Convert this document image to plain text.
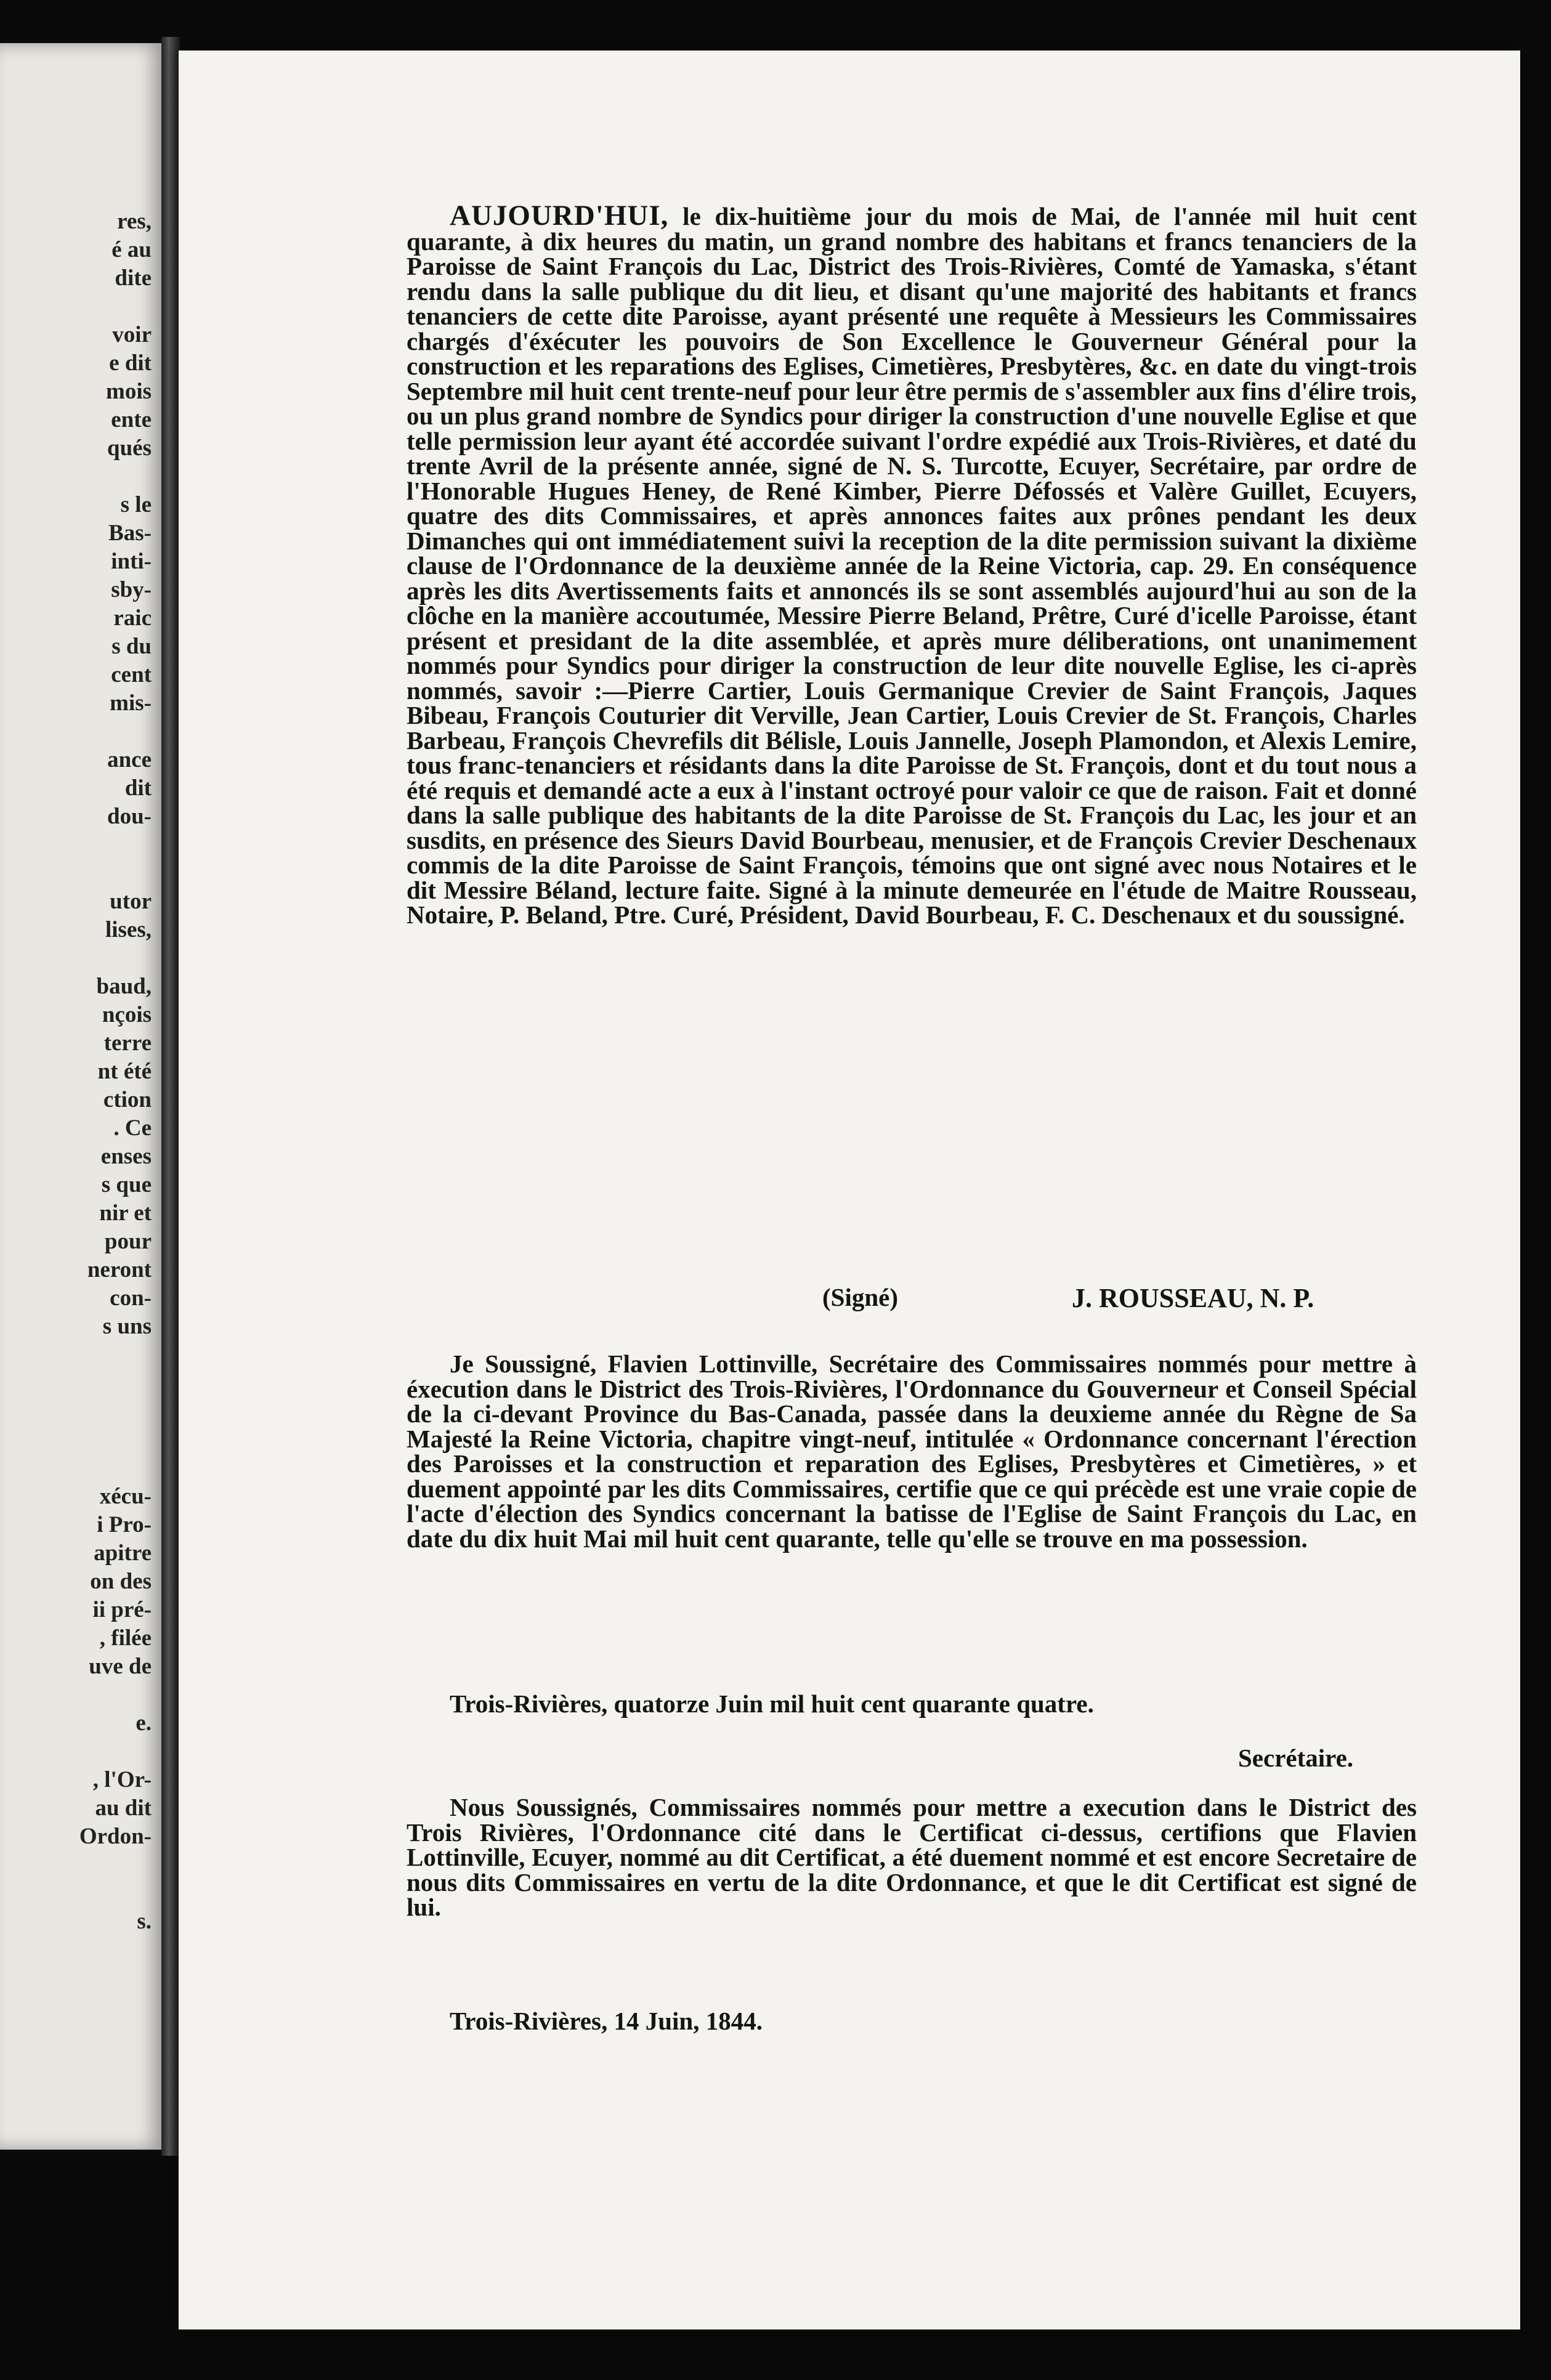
res,
é au
dite
voir
e dit
mois
ente
qués
s le
Bas-
inti-
sby-
raic
s du
cent
mis-
ance
dit
dou-
utor
lises,
baud,
nçois
terre
nt été
ction
. Ce
enses
s que
nir et
pour
neront
con-
s uns
xécu-
i Pro-
apitre
on des
ii pré-
, filée
uve de
e.
, l'Or-
au dit
Ordon-
s.

AUJOURD'HUI, le dix-huitième jour du mois de Mai, de l'année mil huit cent quarante, à dix heures du matin, un grand nombre des habitans et francs tenanciers de la Paroisse de Saint François du Lac, District des Trois-Rivières, Comté de Yamaska, s'étant rendu dans la salle publique du dit lieu, et disant qu'une majorité des habitants et francs tenanciers de cette dite Paroisse, ayant présenté une requête à Messieurs les Commissaires chargés d'éxécuter les pouvoirs de Son Excellence le Gouverneur Général pour la construction et les reparations des Eglises, Cimetières, Presbytères, &c. en date du vingt-trois Septembre mil huit cent trente-neuf pour leur être permis de s'assembler aux fins d'élire trois, ou un plus grand nombre de Syndics pour diriger la construction d'une nouvelle Eglise et que telle permission leur ayant été accordée suivant l'ordre expédié aux Trois-Rivières, et daté du trente Avril de la présente année, signé de N. S. Turcotte, Ecuyer, Secrétaire, par ordre de l'Honorable Hugues Heney, de René Kimber, Pierre Défossés et Valère Guillet, Ecuyers, quatre des dits Commissaires, et après annonces faites aux prônes pendant les deux Dimanches qui ont immédiatement suivi la reception de la dite permission suivant la dixième clause de l'Ordonnance de la deuxième année de la Reine Victoria, cap. 29. En conséquence après les dits Avertissements faits et annoncés ils se sont assemblés aujourd'hui au son de la clôche en la manière accoutumée, Messire Pierre Beland, Prêtre, Curé d'icelle Paroisse, étant présent et presidant de la dite assemblée, et après mure déliberations, ont unanimement nommés pour Syndics pour diriger la construction de leur dite nouvelle Eglise, les ci-après nommés, savoir :—Pierre Cartier, Louis Germanique Crevier de Saint François, Jaques Bibeau, François Couturier dit Verville, Jean Cartier, Louis Crevier de St. François, Charles Barbeau, François Chevrefils dit Bélisle, Louis Jannelle, Joseph Plamondon, et Alexis Lemire, tous franc-tenanciers et résidants dans la dite Paroisse de St. François, dont et du tout nous a été requis et demandé acte a eux à l'instant octroyé pour valoir ce que de raison. Fait et donné dans la salle publique des habitants de la dite Paroisse de St. François du Lac, les jour et an susdits, en présence des Sieurs David Bourbeau, menusier, et de François Crevier Deschenaux commis de la dite Paroisse de Saint François, témoins que ont signé avec nous Notaires et le dit Messire Béland, lecture faite. Signé à la minute demeurée en l'étude de Maitre Rousseau, Notaire, P. Beland, Ptre. Curé, Président, David Bourbeau, F. C. Deschenaux et du soussigné.

(Signé)	J. ROUSSEAU, N. P.

Je Soussigné, Flavien Lottinville, Secrétaire des Commissaires nommés pour mettre à éxecution dans le District des Trois-Rivières, l'Ordonnance du Gouverneur et Conseil Spécial de la ci-devant Province du Bas-Canada, passée dans la deuxieme année du Règne de Sa Majesté la Reine Victoria, chapitre vingt-neuf, intitulée « Ordonnance concernant l'érection des Paroisses et la construction et reparation des Eglises, Presbytères et Cimetières, » et duement appointé par les dits Commissaires, certifie que ce qui précède est une vraie copie de l'acte d'élection des Syndics concernant la batisse de l'Eglise de Saint François du Lac, en date du dix huit Mai mil huit cent quarante, telle qu'elle se trouve en ma possession.

Trois-Rivières, quatorze Juin mil huit cent quarante quatre.
Secrétaire.

Nous Soussignés, Commissaires nommés pour mettre a execution dans le District des Trois Rivières, l'Ordonnance cité dans le Certificat ci-dessus, certifions que Flavien Lottinville, Ecuyer, nommé au dit Certificat, a été duement nommé et est encore Secretaire de nous dits Commissaires en vertu de la dite Ordonnance, et que le dit Certificat est signé de lui.

Trois-Rivières, 14 Juin, 1844.
